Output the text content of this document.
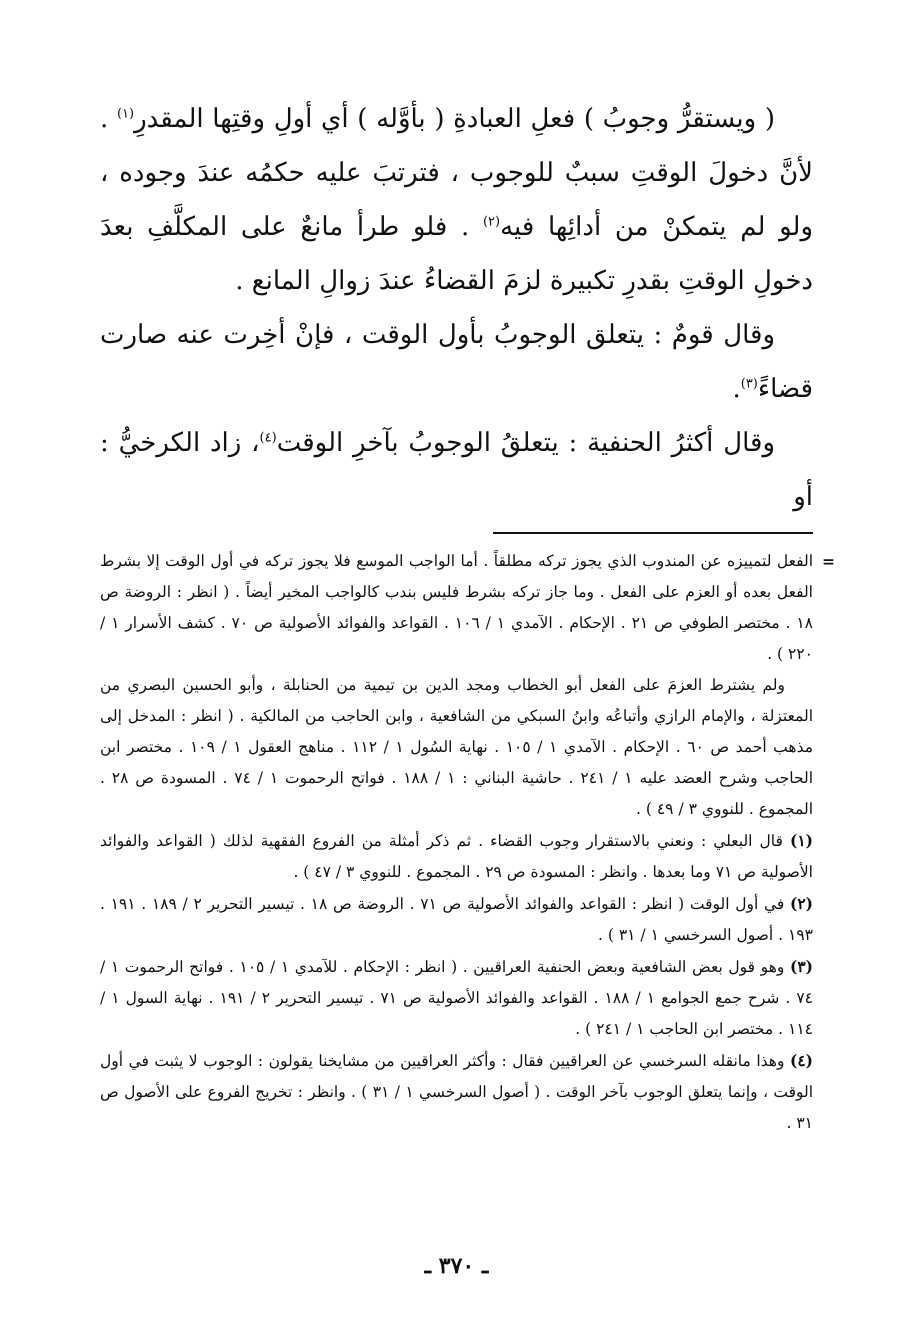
( ويستقرُّ وجوبُ ) فعلِ العبادةِ ( بأوَّله ) أي أولِ وقتِها المقدرِ$^{(١)}$ . لأنَّ دخولَ الوقتِ سببٌ للوجوب ، فترتبَ عليه حكمُه عندَ وجوده ، ولو لم يتمكنْ من أدائِها فيه$^{(٢)}$ . فلو طرأ مانعٌ على المكلَّفِ بعدَ دخولِ الوقتِ بقدرِ تكبيرة لزمَ القضاءُ عندَ زوالِ المانع .

وقال قومٌ : يتعلق الوجوبُ بأول الوقت ، فإنْ أخِرت عنه صارت قضاءً$^{(٣)}$.

وقال أكثرُ الحنفية : يتعلقُ الوجوبُ بآخرِ الوقت$^{(٤)}$، زاد الكرخيُّ : أو

=
الفعل لتمييزه عن المندوب الذي يجوز تركه مطلقاً . أما الواجب الموسع فلا يجوز تركه في أول الوقت إلا بشرط الفعل بعده أو العزم على الفعل . وما جاز تركه بشرط فليس بندب كالواجب المخير أيضاً . ( انظر : الروضة ص ١٨ . مختصر الطوفي ص ٢١ . الإحكام . الآمدي ١ / ١٠٦ . القواعد والفوائد الأصولية ص ٧٠ . كشف الأسرار ١ / ٢٢٠ ) .

ولم يشترط العزمَ على الفعل أبو الخطاب ومجد الدين بن تيمية من الحنابلة ، وأبو الحسين البصري من المعتزلة ، والإمام الرازي وأتباعُه وابنُ السبكي من الشافعية ، وابن الحاجب من المالكية . ( انظر : المدخل إلى مذهب أحمد ص ٦٠ . الإحكام . الآمدي ١ / ١٠٥ . نهاية السُول ١ / ١١٢ . مناهج العقول ١ / ١٠٩ . مختصر ابن الحاجب وشرح العضد عليه ١ / ٢٤١ . حاشية البناني : ١ / ١٨٨ . فواتح الرحموت ١ / ٧٤ . المسودة ص ٢٨ . المجموع . للنووي ٣ / ٤٩ ) .

(١) قال البعلي : ونعني بالاستقرار وجوب القضاء . ثم ذكر أمثلة من الفروع الفقهية لذلك ( القواعد والفوائد الأصولية ص ٧١ وما بعدها . وانظر : المسودة ص ٢٩ . المجموع . للنووي ٣ / ٤٧ ) .

(٢) في أول الوقت ( انظر : القواعد والفوائد الأصولية ص ٧١ . الروضة ص ١٨ . تيسير التحرير ٢ / ١٨٩ . ١٩١ . ١٩٣ . أصول السرخسي ١ / ٣١ ) .

(٣) وهو قول بعض الشافعية وبعض الحنفية العراقيين . ( انظر : الإحكام . للآمدي ١ / ١٠٥ . فواتح الرحموت ١ / ٧٤ . شرح جمع الجوامع ١ / ١٨٨ . القواعد والفوائد الأصولية ص ٧١ . تيسير التحرير ٢ / ١٩١ . نهاية السول ١ / ١١٤ . مختصر ابن الحاجب ١ / ٢٤١ ) .

(٤) وهذا مانقله السرخسي عن العراقيين فقال : وأكثر العراقيين من مشايخنا يقولون : الوجوب لا يثبت في أول الوقت ، وإنما يتعلق الوجوب بآخر الوقت . ( أصول السرخسي ١ / ٣١ ) . وانظر : تخريج الفروع على الأصول ص ٣١ .

ـ ٣٧٠ ـ
